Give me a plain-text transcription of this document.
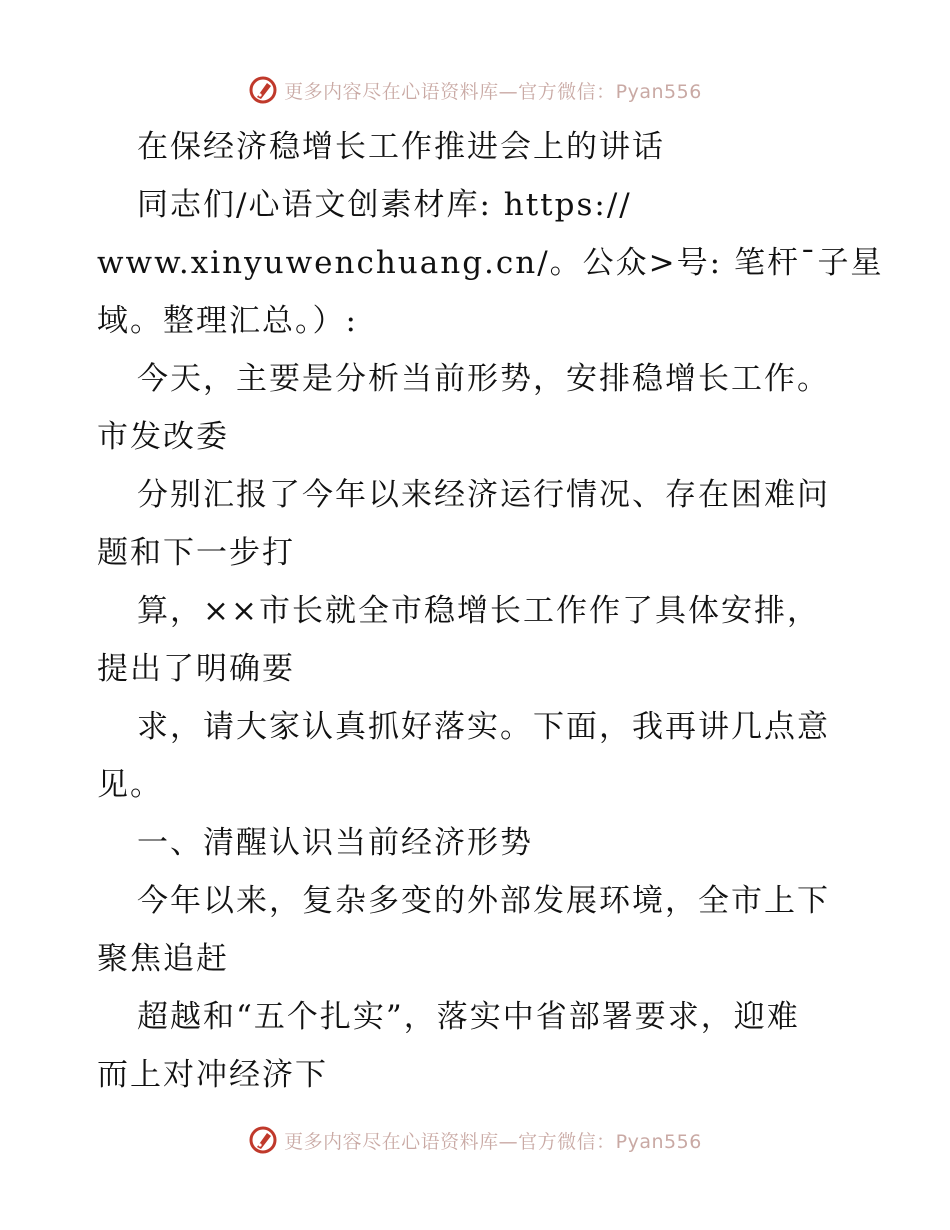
更多内容尽在心语资料库—官方微信：Pyan556
在保经济稳增长工作推进会上的讲话
同志们/心语文创素材库: https://
www.xinyuwenchuang.cn/。公众>号: 笔杆¯子星
域。整理汇总。）:
今天，主要是分析当前形势，安排稳增长工作。
市发改委
分别汇报了今年以来经济运行情况、存在困难问
题和下一步打
算，××市长就全市稳增长工作作了具体安排，
提出了明确要
求，请大家认真抓好落实。下面，我再讲几点意
见。
一、清醒认识当前经济形势
今年以来，复杂多变的外部发展环境，全市上下
聚焦追赶
超越和“五个扎实”，落实中省部署要求，迎难
而上对冲经济下
更多内容尽在心语资料库—官方微信：Pyan556
